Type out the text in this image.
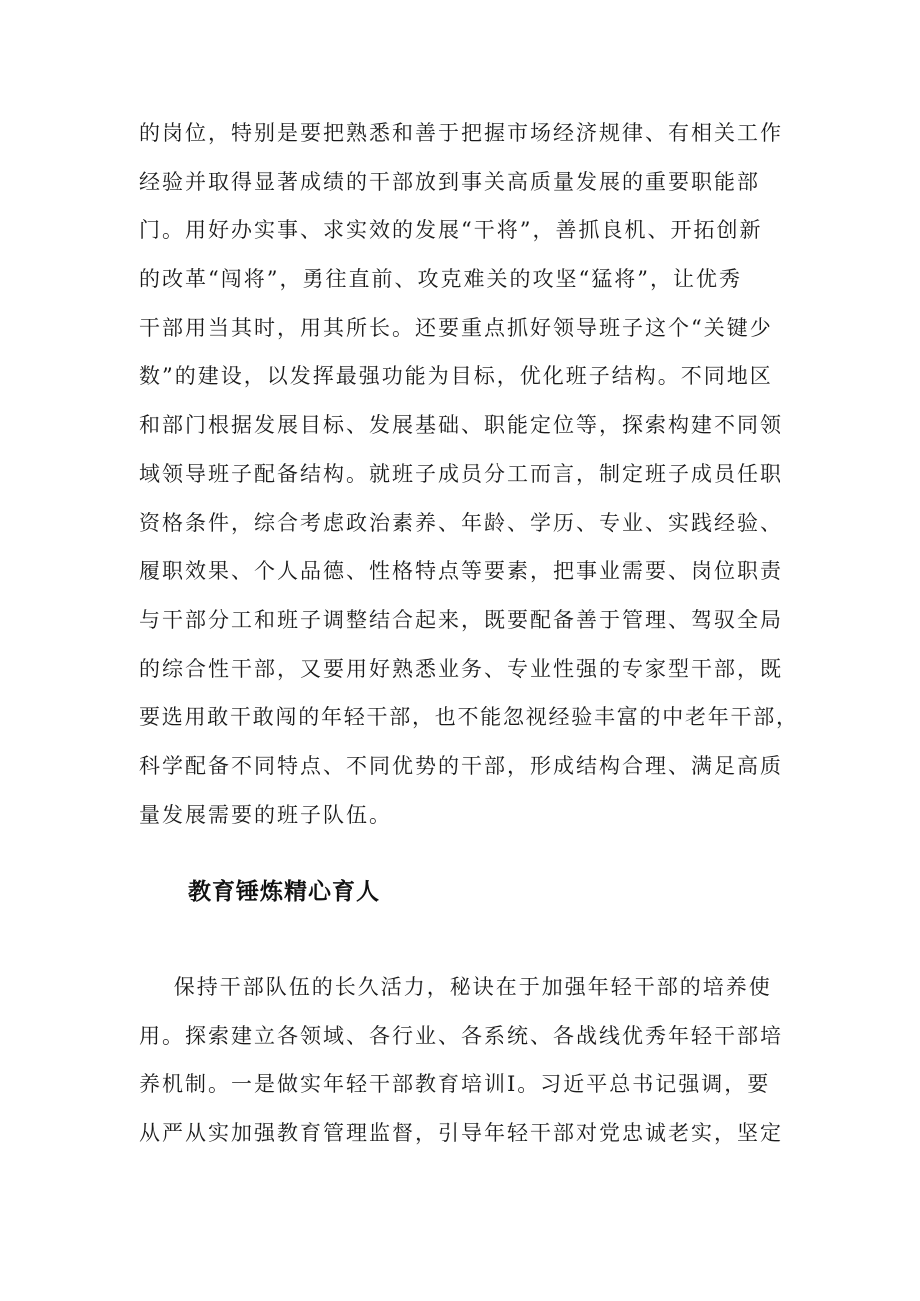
的岗位，特别是要把熟悉和善于把握市场经济规律、有相关工作
经验并取得显著成绩的干部放到事关高质量发展的重要职能部
门。用好办实事、求实效的发展“干将”，善抓良机、开拓创新
的改革“闯将”，勇往直前、攻克难关的攻坚“猛将”，让优秀
干部用当其时，用其所长。还要重点抓好领导班子这个“关键少
数”的建设，以发挥最强功能为目标，优化班子结构。不同地区
和部门根据发展目标、发展基础、职能定位等，探索构建不同领
域领导班子配备结构。就班子成员分工而言，制定班子成员任职
资格条件，综合考虑政治素养、年龄、学历、专业、实践经验、
履职效果、个人品德、性格特点等要素，把事业需要、岗位职责
与干部分工和班子调整结合起来，既要配备善于管理、驾驭全局
的综合性干部，又要用好熟悉业务、专业性强的专家型干部，既
要选用敢干敢闯的年轻干部，也不能忽视经验丰富的中老年干部，
科学配备不同特点、不同优势的干部，形成结构合理、满足高质
量发展需要的班子队伍。
教育锤炼精心育人
保持干部队伍的长久活力，秘诀在于加强年轻干部的培养使
用。探索建立各领域、各行业、各系统、各战线优秀年轻干部培
养机制。一是做实年轻干部教育培训Ⅰ。习近平总书记强调，要
从严从实加强教育管理监督，引导年轻干部对党忠诚老实，坚定
